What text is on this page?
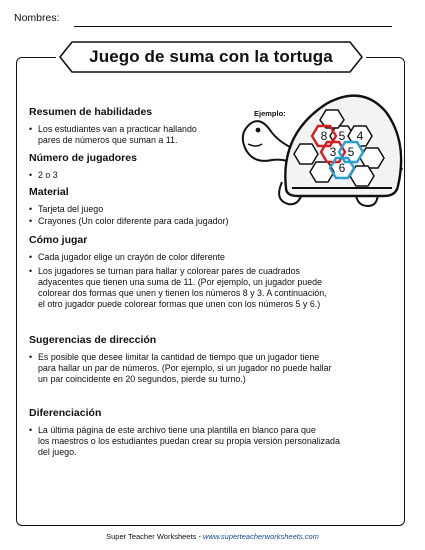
Nombres:
Juego de suma con la tortuga
Resumen de habilidades
• Los estudiantes van a practicar hallando
pares de números que suman a 11.
Número de jugadores
• 2 o 3
Material
• Tarjeta del juego
• Crayones (Un color diferente para cada jugador)
Cómo jugar
• Cada jugador elige un crayón de color diferente
• Los jugadores se turnan para hallar y colorear pares de cuadrados
adyacentes que tienen una suma de 11. (Por ejemplo, un jugador puede
colorear dos formas que unen y tienen los números 8 y 3. A continuación,
el otro jugador puede colorear formas que unen con los números 5 y 6.)
Sugerencias de dirección
• Es posible que desee limitar la cantidad de tiempo que un jugador tiene
para hallar un par de números. (Por ejemplo, si un jugador no puede hallar
un par coincidente en 20 segundos, pierde su turno.)
Diferenciación
• La última página de este archivo tiene una plantilla en blanco para que
los maestros o los estudiantes puedan crear su propia versión personalizada
del juego.
Ejemplo:
8 5 4
3 5
6
Super Teacher Worksheets - www.superteacherworksheets.com
